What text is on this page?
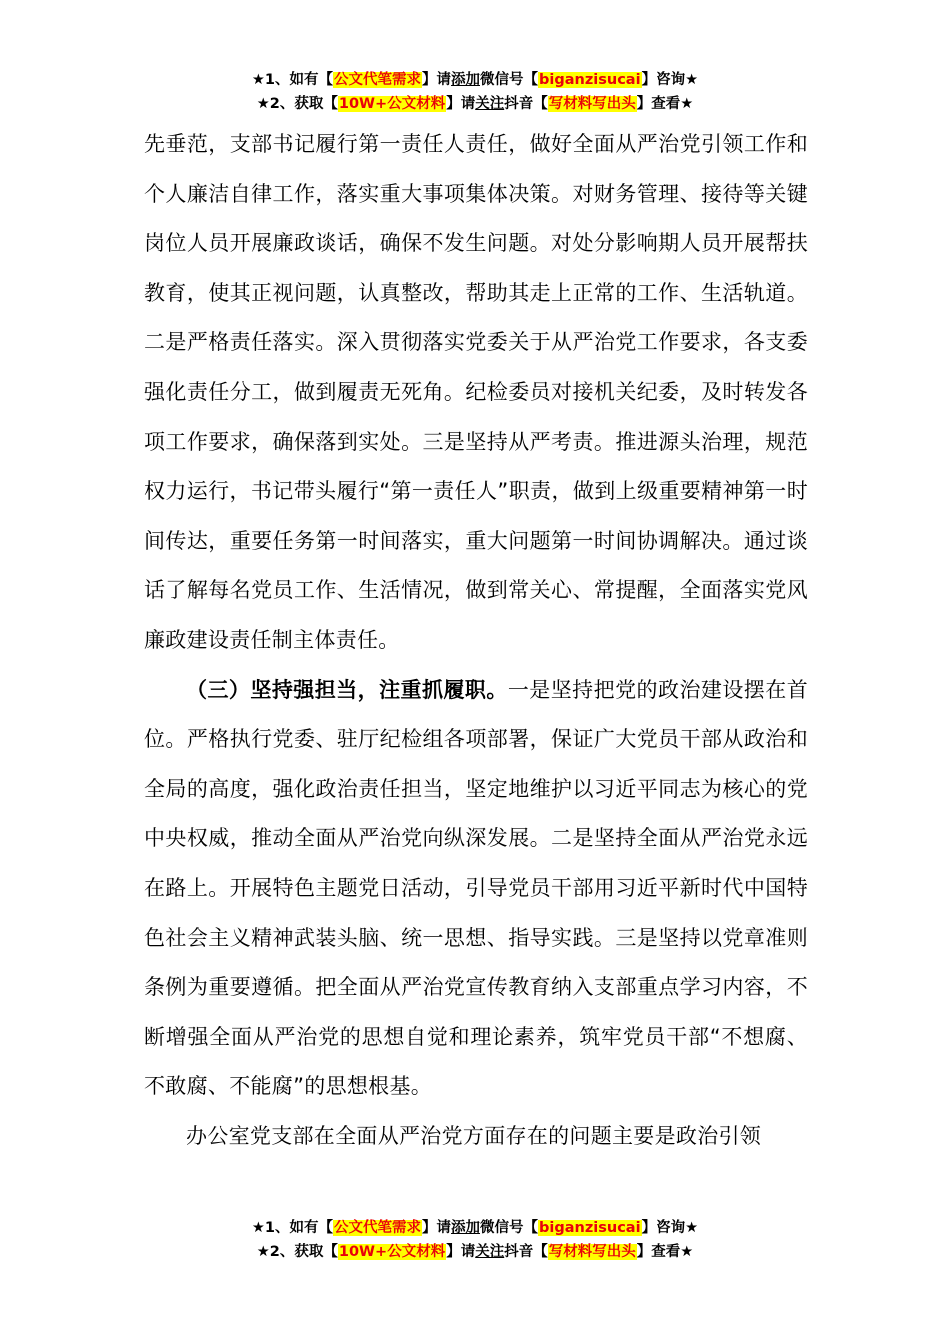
★1、如有【公文代笔需求】请添加微信号【biganzisucai】咨询★
★2、获取【10W+公文材料】请关注抖音【写材料写出头】查看★

先垂范，支部书记履行第一责任人责任，做好全面从严治党引领工作和个人廉洁自律工作，落实重大事项集体决策。对财务管理、接待等关键岗位人员开展廉政谈话，确保不发生问题。对处分影响期人员开展帮扶教育，使其正视问题，认真整改，帮助其走上正常的工作、生活轨道。二是严格责任落实。深入贯彻落实党委关于从严治党工作要求，各支委强化责任分工，做到履责无死角。纪检委员对接机关纪委，及时转发各项工作要求，确保落到实处。三是坚持从严考责。推进源头治理，规范权力运行，书记带头履行“第一责任人”职责，做到上级重要精神第一时间传达，重要任务第一时间落实，重大问题第一时间协调解决。通过谈话了解每名党员工作、生活情况，做到常关心、常提醒，全面落实党风廉政建设责任制主体责任。

（三）坚持强担当，注重抓履职。一是坚持把党的政治建设摆在首位。严格执行党委、驻厅纪检组各项部署，保证广大党员干部从政治和全局的高度，强化政治责任担当，坚定地维护以习近平同志为核心的党中央权威，推动全面从严治党向纵深发展。二是坚持全面从严治党永远在路上。开展特色主题党日活动，引导党员干部用习近平新时代中国特色社会主义精神武装头脑、统一思想、指导实践。三是坚持以党章准则条例为重要遵循。把全面从严治党宣传教育纳入支部重点学习内容，不断增强全面从严治党的思想自觉和理论素养，筑牢党员干部“不想腐、不敢腐、不能腐”的思想根基。

办公室党支部在全面从严治党方面存在的问题主要是政治引领

★1、如有【公文代笔需求】请添加微信号【biganzisucai】咨询★
★2、获取【10W+公文材料】请关注抖音【写材料写出头】查看★
